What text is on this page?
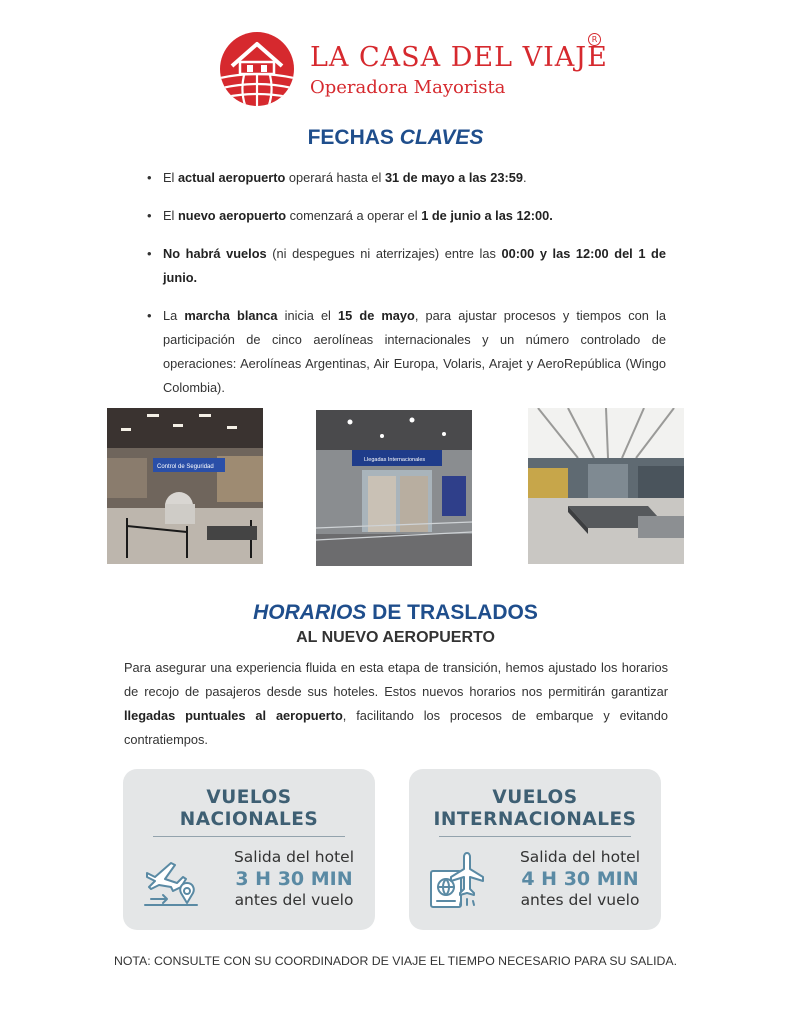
LA CASA DEL VIAJE
R
Operadora Mayorista
FECHAS CLAVES
• El actual aeropuerto operará hasta el 31 de mayo a las 23:59.
• El nuevo aeropuerto comenzará a operar el 1 de junio a las 12:00.
• No habrá vuelos (ni despegues ni aterrizajes) entre las 00:00 y las 12:00 del 1 de junio.
• La marcha blanca inicia el 15 de mayo, para ajustar procesos y tiempos con la participación de cinco aerolíneas internacionales y un número controlado de operaciones: Aerolíneas Argentinas, Air Europa, Volaris, Arajet y AeroRepública (Wingo Colombia).
Control de Seguridad
Llegadas Internacionales
HORARIOS DE TRASLADOS
AL NUEVO AEROPUERTO

Para asegurar una experiencia fluida en esta etapa de transición, hemos ajustado los horarios de recojo de pasajeros desde sus hoteles. Estos nuevos horarios nos permitirán garantizar llegadas puntuales al aeropuerto, facilitando los procesos de embarque y evitando contratiempos.

VUELOS
NACIONALES
Salida del hotel
3 H 30 MIN
antes del vuelo
VUELOS
INTERNACIONALES
Salida del hotel
4 H 30 MIN
antes del vuelo

NOTA: CONSULTE CON SU COORDINADOR DE VIAJE EL TIEMPO NECESARIO PARA SU SALIDA.
